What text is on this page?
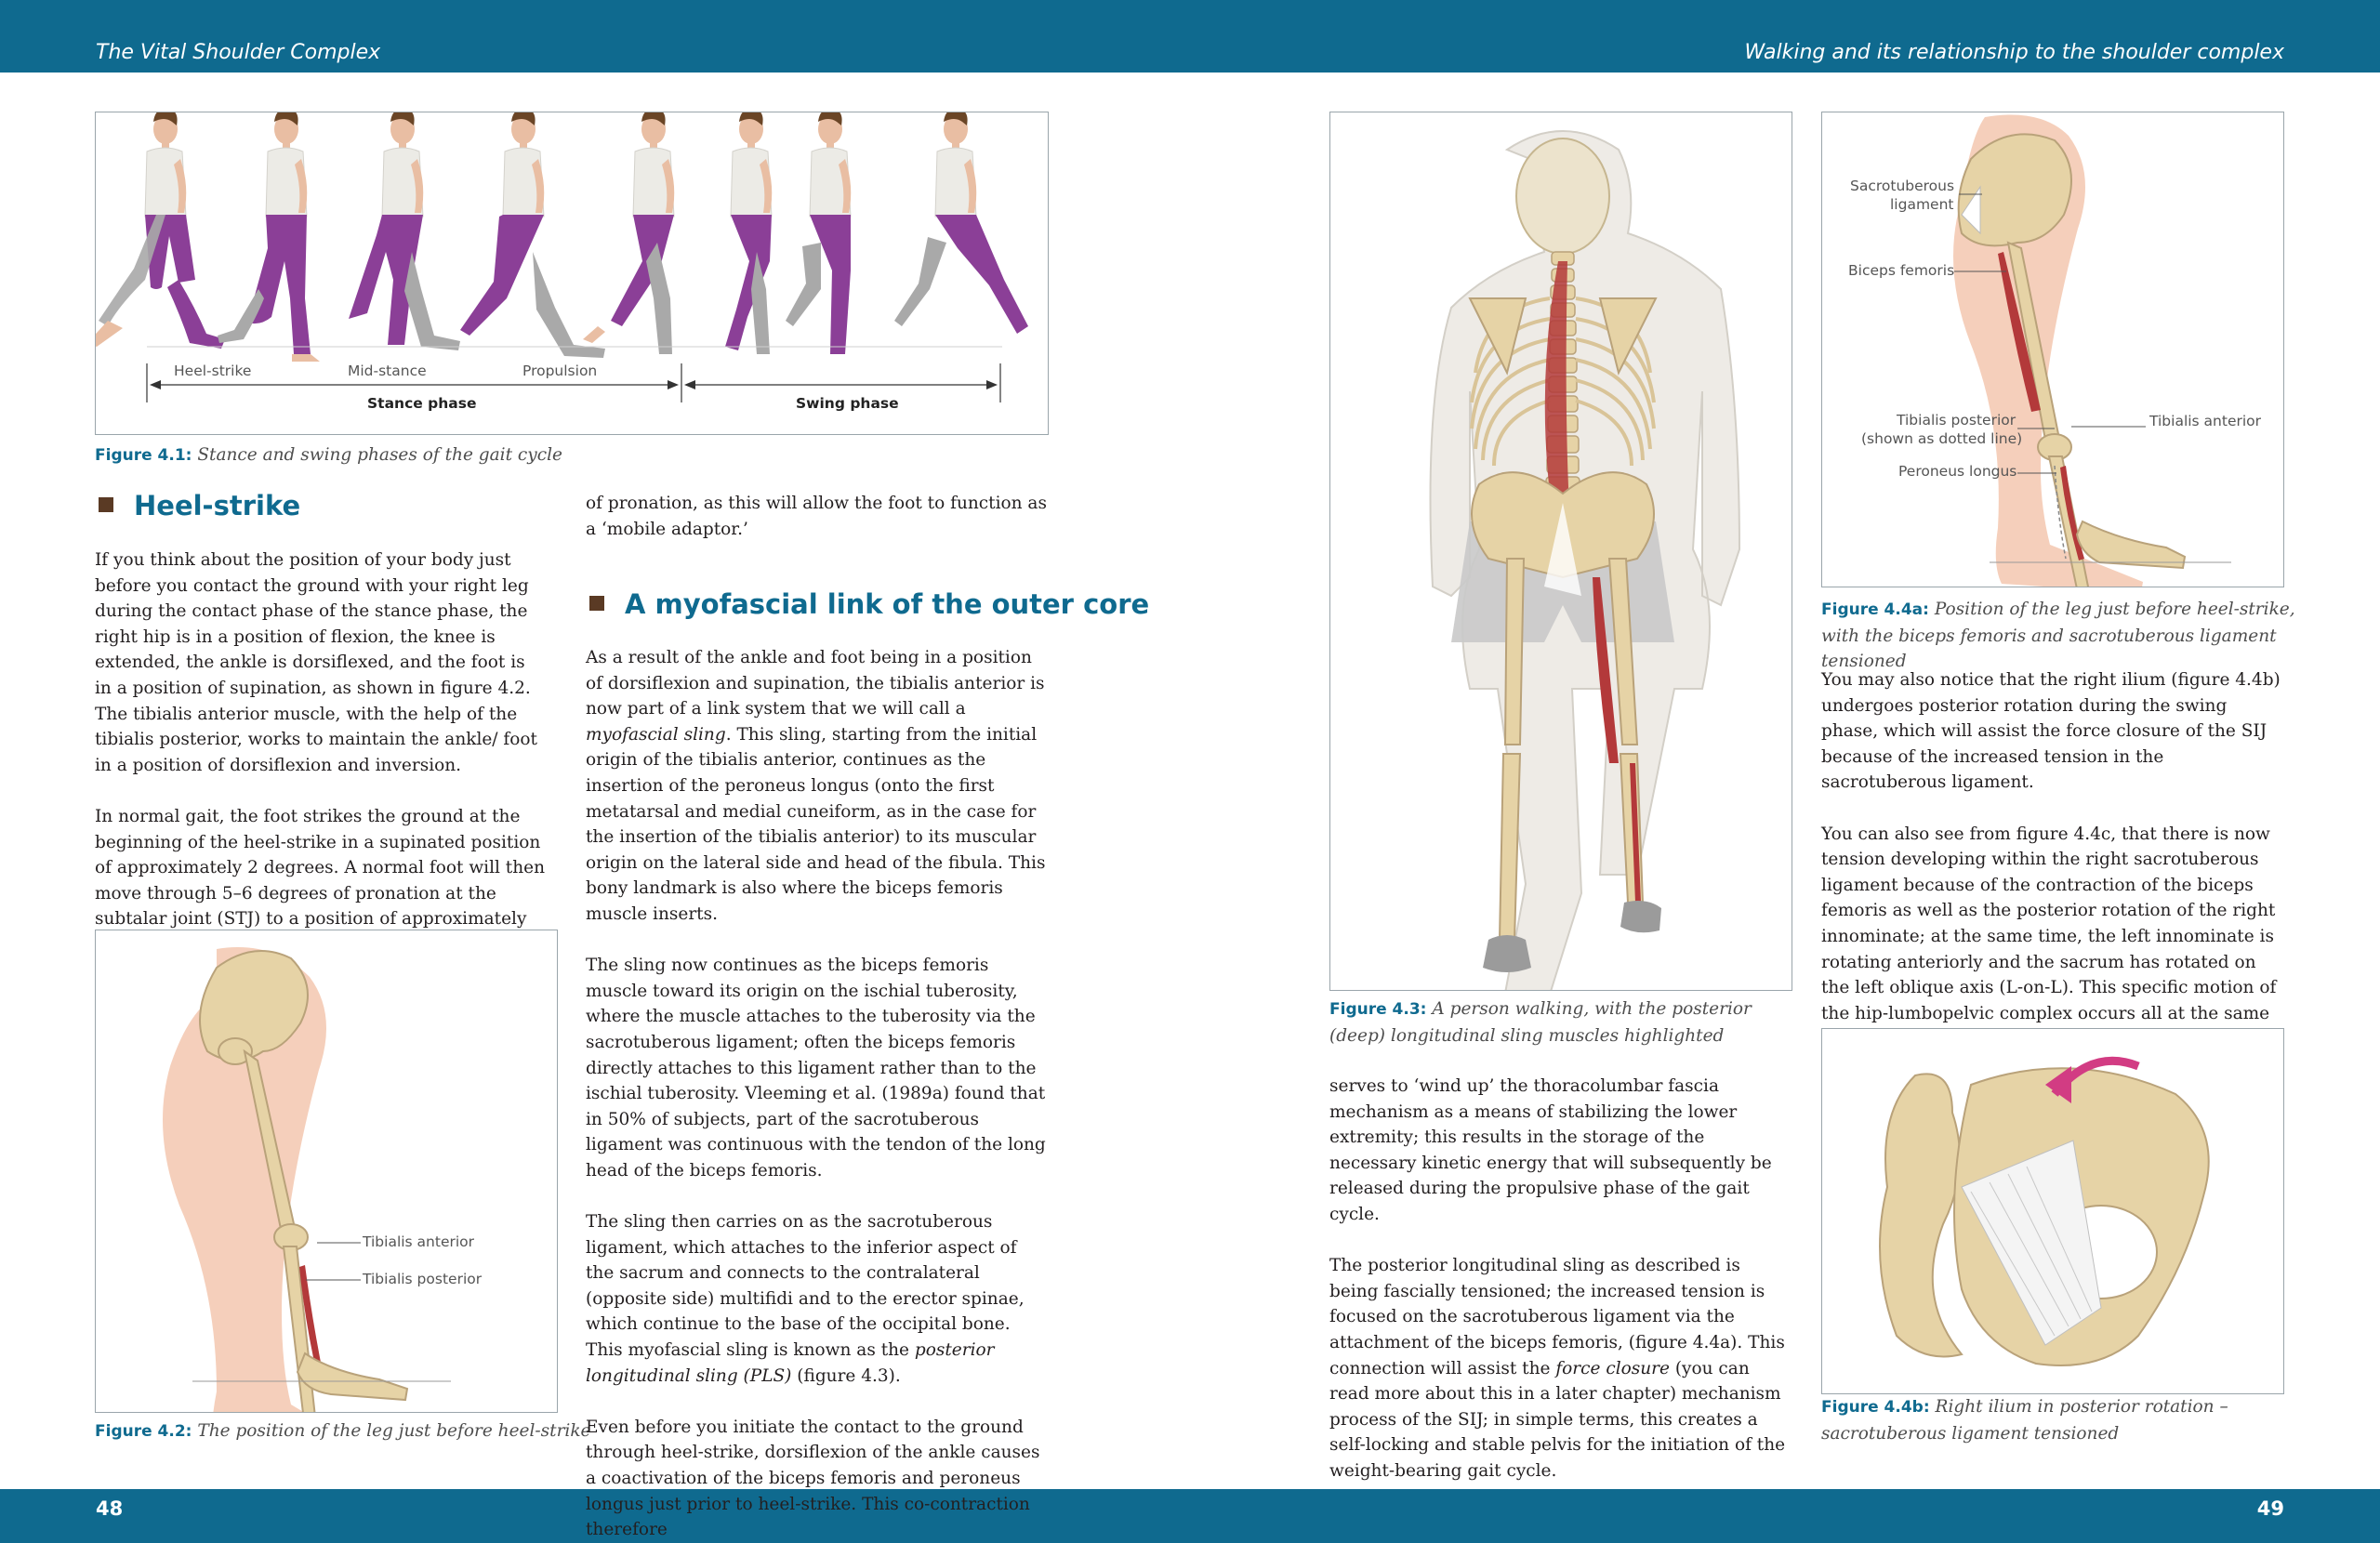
The Vital Shoulder Complex	Walking and its relationship to the shoulder complex
48	49
Heel-strike	Mid-stance	Propulsion
Stance phase	Swing phase
Figure 4.1: Stance and swing phases of the gait cycle
Heel-strike

If you think about the position of your body just before you contact the ground with your right leg during the contact phase of the stance phase, the right hip is in a position of flexion, the knee is extended, the ankle is dorsiflexed, and the foot is in a position of supination, as shown in figure 4.2. The tibialis anterior muscle, with the help of the tibialis posterior, works to maintain the ankle/ foot in a position of dorsiflexion and inversion.

In normal gait, the foot strikes the ground at the beginning of the heel-strike in a supinated position of approximately 2 degrees. A normal foot will then move through 5–6 degrees of pronation at the subtalar joint (STJ) to a position of approximately

Tibialis anterior
Tibialis posterior
Figure 4.2: The position of the leg just before heel-strike

of pronation, as this will allow the foot to function as a ‘mobile adaptor.’

A myofascial link of the outer core

As a result of the ankle and foot being in a position of dorsiflexion and supination, the tibialis anterior is now part of a link system that we will call a myofascial sling. This sling, starting from the initial origin of the tibialis anterior, continues as the insertion of the peroneus longus (onto the first metatarsal and medial cuneiform, as in the case for the insertion of the tibialis anterior) to its muscular origin on the lateral side and head of the fibula. This bony landmark is also where the biceps femoris muscle inserts.

The sling now continues as the biceps femoris muscle toward its origin on the ischial tuberosity, where the muscle attaches to the tuberosity via the sacrotuberous ligament; often the biceps femoris directly attaches to this ligament rather than to the ischial tuberosity. Vleeming et al. (1989a) found that in 50% of subjects, part of the sacrotuberous ligament was continuous with the tendon of the long head of the biceps femoris.

The sling then carries on as the sacrotuberous ligament, which attaches to the inferior aspect of the sacrum and connects to the contralateral (opposite side) multifidi and to the erector spinae, which continue to the base of the occipital bone. This myofascial sling is known as the posterior longitudinal sling (PLS) (figure 4.3).

Even before you initiate the contact to the ground through heel-strike, dorsiflexion of the ankle causes a coactivation of the biceps femoris and peroneus longus just prior to heel-strike. This co-contraction therefore

Figure 4.3: A person walking, with the posterior (deep) longitudinal sling muscles highlighted

serves to ‘wind up’ the thoracolumbar fascia mechanism as a means of stabilizing the lower extremity; this results in the storage of the necessary kinetic energy that will subsequently be released during the propulsive phase of the gait cycle.

The posterior longitudinal sling as described is being fascially tensioned; the increased tension is focused on the sacrotuberous ligament via the attachment of the biceps femoris, (figure 4.4a). This connection will assist the force closure (you can read more about this in a later chapter) mechanism process of the SIJ; in simple terms, this creates a self-locking and stable pelvis for the initiation of the weight-bearing gait cycle.

Sacrotuberous
ligament
Biceps femoris
Tibialis posterior
(shown as dotted line)
Peroneus longus
Tibialis anterior
Figure 4.4a: Position of the leg just before heel-strike, with the biceps femoris and sacrotuberous ligament tensioned

You may also notice that the right ilium (figure 4.4b) undergoes posterior rotation during the swing phase, which will assist the force closure of the SIJ because of the increased tension in the sacrotuberous ligament.

You can also see from figure 4.4c, that there is now tension developing within the right sacrotuberous ligament because of the contraction of the biceps femoris as well as the posterior rotation of the right innominate; at the same time, the left innominate is rotating anteriorly and the sacrum has rotated on the left oblique axis (L-on-L). This specific motion of the hip-lumbopelvic complex occurs all at the same

Figure 4.4b: Right ilium in posterior rotation – sacrotuberous ligament tensioned
